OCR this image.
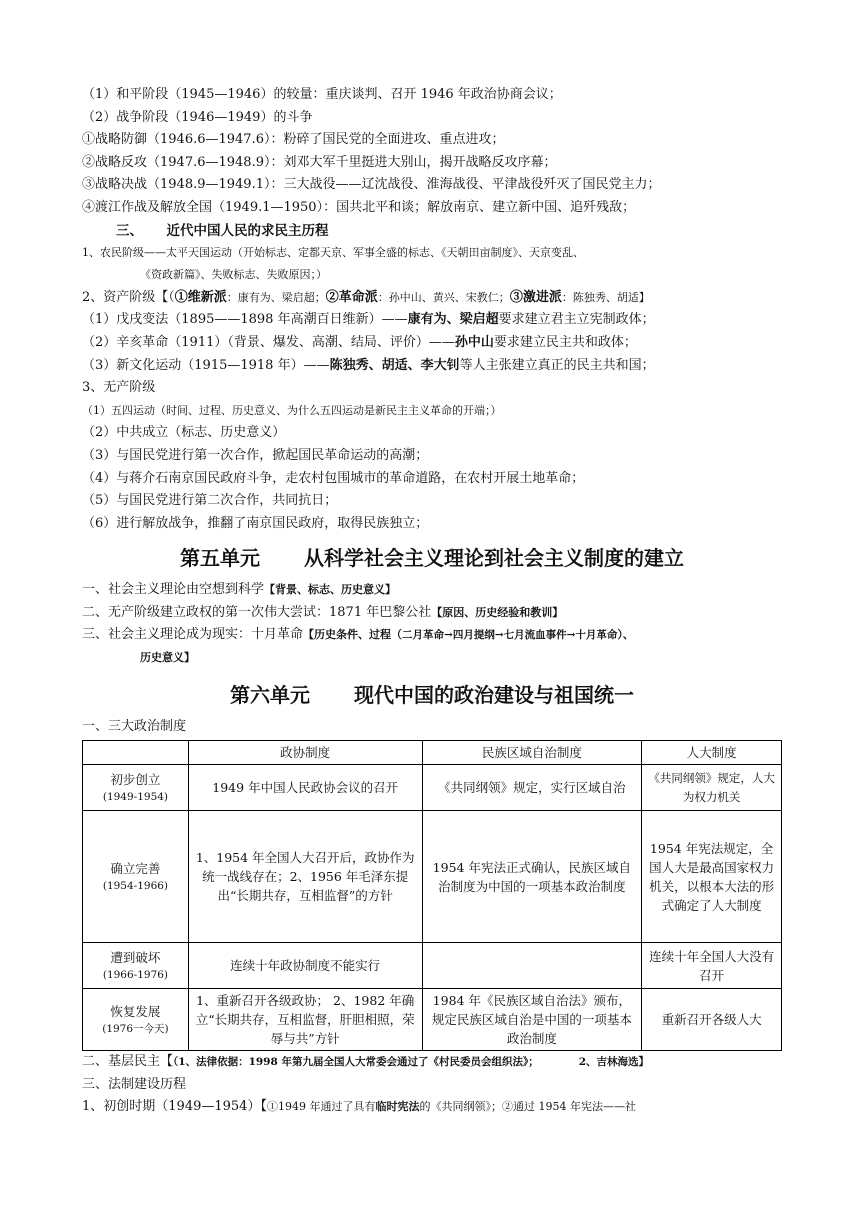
（1）和平阶段（1945—1946）的较量：重庆谈判、召开 1946 年政治协商会议；
（2）战争阶段（1946—1949）的斗争
①战略防御（1946.6—1947.6）：粉碎了国民党的全面进攻、重点进攻；
②战略反攻（1947.6—1948.9）：刘邓大军千里挺进大别山，揭开战略反攻序幕；
③战略决战（1948.9—1949.1）：三大战役——辽沈战役、淮海战役、平津战役歼灭了国民党主力；
④渡江作战及解放全国（1949.1—1950）：国共北平和谈；解放南京、建立新中国、追歼残敌；
三、     近代中国人民的求民主历程
1、农民阶级——太平天国运动（开始标志、定都天京、军事全盛的标志、《天朝田亩制度》、天京变乱、
《资政新篇》、失败标志、失败原因；）
2、资产阶级【（①维新派：康有为、梁启超；②革命派：孙中山、黄兴、宋教仁；③激进派：陈独秀、胡适】
（1）戊戌变法（1895——1898 年高潮百日维新）——康有为、梁启超要求建立君主立宪制政体；
（2）辛亥革命（1911）（背景、爆发、高潮、结局、评价）——孙中山要求建立民主共和政体；
（3）新文化运动（1915—1918 年）——陈独秀、胡适、李大钊等人主张建立真正的民主共和国；
3、无产阶级
（1）五四运动（时间、过程、历史意义、为什么五四运动是新民主主义革命的开端；）
（2）中共成立（标志、历史意义）
（3）与国民党进行第一次合作，掀起国民革命运动的高潮；
（4）与蒋介石南京国民政府斗争，走农村包围城市的革命道路，在农村开展土地革命；
（5）与国民党进行第二次合作，共同抗日；
（6）进行解放战争，推翻了南京国民政府，取得民族独立；
第五单元 从科学社会主义理论到社会主义制度的建立
一、社会主义理论由空想到科学【背景、标志、历史意义】
二、无产阶级建立政权的第一次伟大尝试：1871 年巴黎公社【原因、历史经验和教训】
三、社会主义理论成为现实：十月革命【历史条件、过程（二月革命→四月提纲→七月流血事件→十月革命）、
历史意义】
第六单元 现代中国的政治建设与祖国统一
一、三大政治制度
	政协制度	民族区域自治制度	人大制度
初步创立
(1949-1954)	1949 年中国人民政协会议的召开	《共同纲领》规定，实行区域自治	《共同纲领》规定，人大为权力机关
确立完善
(1954-1966)	1、1954 年全国人大召开后，政协作为统一战线存在；2、1956 年毛泽东提出“长期共存，互相监督”的方针	1954 年宪法正式确认，民族区域自治制度为中国的一项基本政治制度	1954 年宪法规定，全国人大是最高国家权力机关，以根本大法的形式确定了人大制度
遭到破坏
(1966-1976)	连续十年政协制度不能实行		连续十年全国人大没有召开
恢复发展
(1976一今天)	1、重新召开各级政协； 2、1982 年确立“长期共存，互相监督，肝胆相照，荣辱与共”方针	1984 年《民族区域自治法》颁布，规定民族区域自治是中国的一项基本政治制度	重新召开各级人大
二、基层民主【（1、法律依据：1998 年第九届全国人大常委会通过了《村民委员会组织法》；	2、吉林海选】
三、法制建设历程
1、初创时期（1949—1954）【①1949 年通过了具有临时宪法的《共同纲领》；②通过 1954 年宪法——社
